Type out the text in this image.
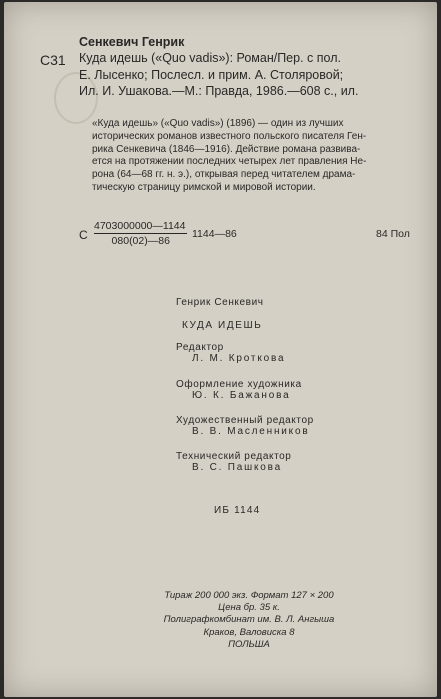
С31
Сенкевич Генрик
Куда идешь («Quo vadis»): Роман/Пер. с пол.
Е. Лысенко; Послесл. и прим. А. Столяровой;
Ил. И. Ушакова.—М.: Правда, 1986.—608 с., ил.
«Куда идешь» («Quo vadis») (1896) — один из лучших
исторических романов известного польского писателя Ген-
рика Сенкевича (1846—1916). Действие романа развива-
ется на протяжении последних четырех лет правления Не-
рона (64—68 гг. н. э.), открывая перед читателем драма-
тическую страницу римской и мировой истории.
С $\frac{4703000000—1144}{080(02)—86}$ 1144—86	84 Пол
Генрик Сенкевич
КУДА ИДЕШЬ
Редактор
Л. М. Кроткова
Оформление художника
Ю. К. Бажанова
Художественный редактор
В. В. Масленников
Технический редактор
В. С. Пашкова
ИБ 1144
Тираж 200 000 экз. Формат 127 × 200
Цена бр. 35 к.
Полиграфкомбинат им. В. Л. Ангыша
Краков, Валовиска 8
ПОЛЬША
